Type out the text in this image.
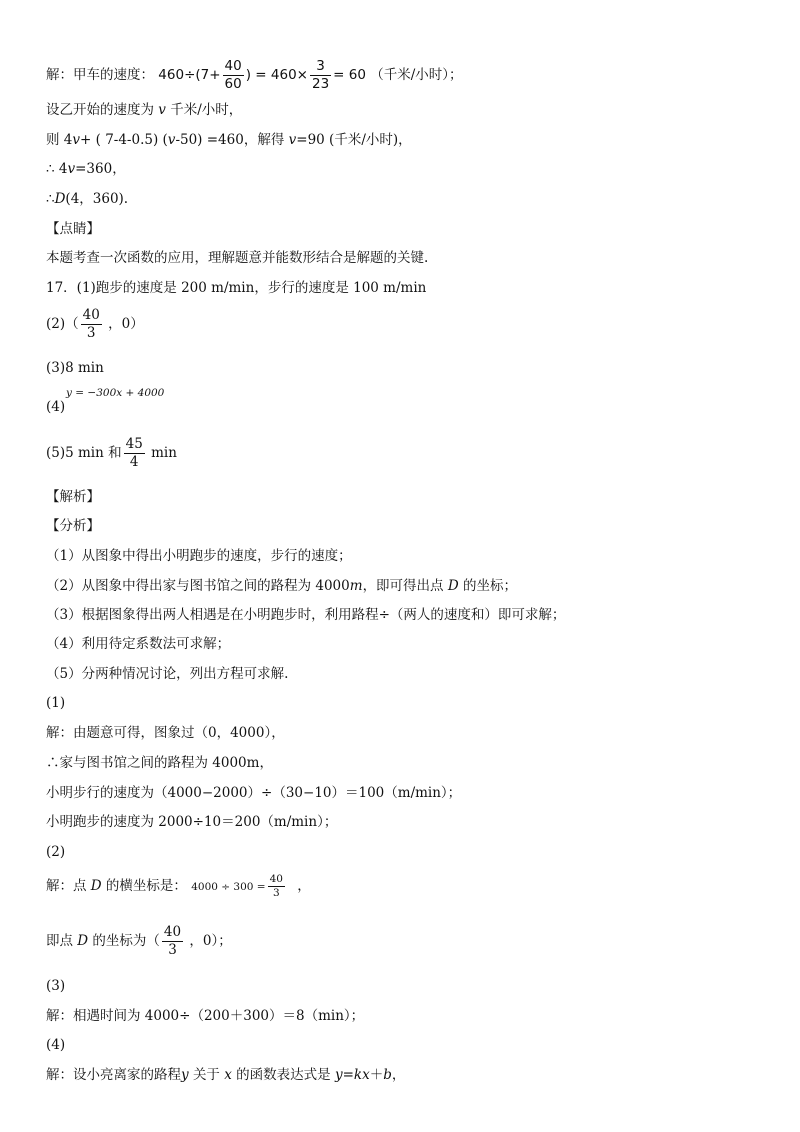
解：甲车的速度： $460\div(7+ \frac{40}{60}$ ) = $460\times \frac{3}{23} = 60$ （千米/小时）；
设乙开始的速度为 v 千米/小时，
则 4v+ ( 7-4-0.5) (v-50) =460，解得 v=90 (千米/小时)，
∴ 4v=360，
∴D(4，360).
【点睛】
本题考查一次函数的应用，理解题意并能数形结合是解题的关键.
17．(1)跑步的速度是 200 m/min，步行的速度是 100 m/min
$(2)( \frac{40}{3}$ ，0）
(3)8 min
(4)
y = −300x + 4000
(5)5 min 和 $\frac{45}{4}$ min
【解析】
【分析】
（1）从图象中得出小明跑步的速度，步行的速度；
（2）从图象中得出家与图书馆之间的路程为 4000m，即可得出点 D 的坐标；
（3）根据图象得出两人相遇是在小明跑步时，利用路程÷（两人的速度和）即可求解；
（4）利用待定系数法可求解；
（5）分两种情况讨论，列出方程可求解.
(1)
解：由题意可得，图象过（0，4000），
∴家与图书馆之间的路程为 4000m，
小明步行的速度为（4000−2000）÷（30−10）＝100（m/min）；
小明跑步的速度为 2000÷10＝200（m/min）；
(2)
解：点 D 的横坐标是： $4000 \div 300 = \frac{40}{3}$ ，
即点 D 的坐标为（ $\frac{40}{3}$ ，0）；
(3)
解：相遇时间为 4000÷（200＋300）＝8（min）；
(4)
解：设小亮离家的路程y 关于 x 的函数表达式是 y=kx＋b，
